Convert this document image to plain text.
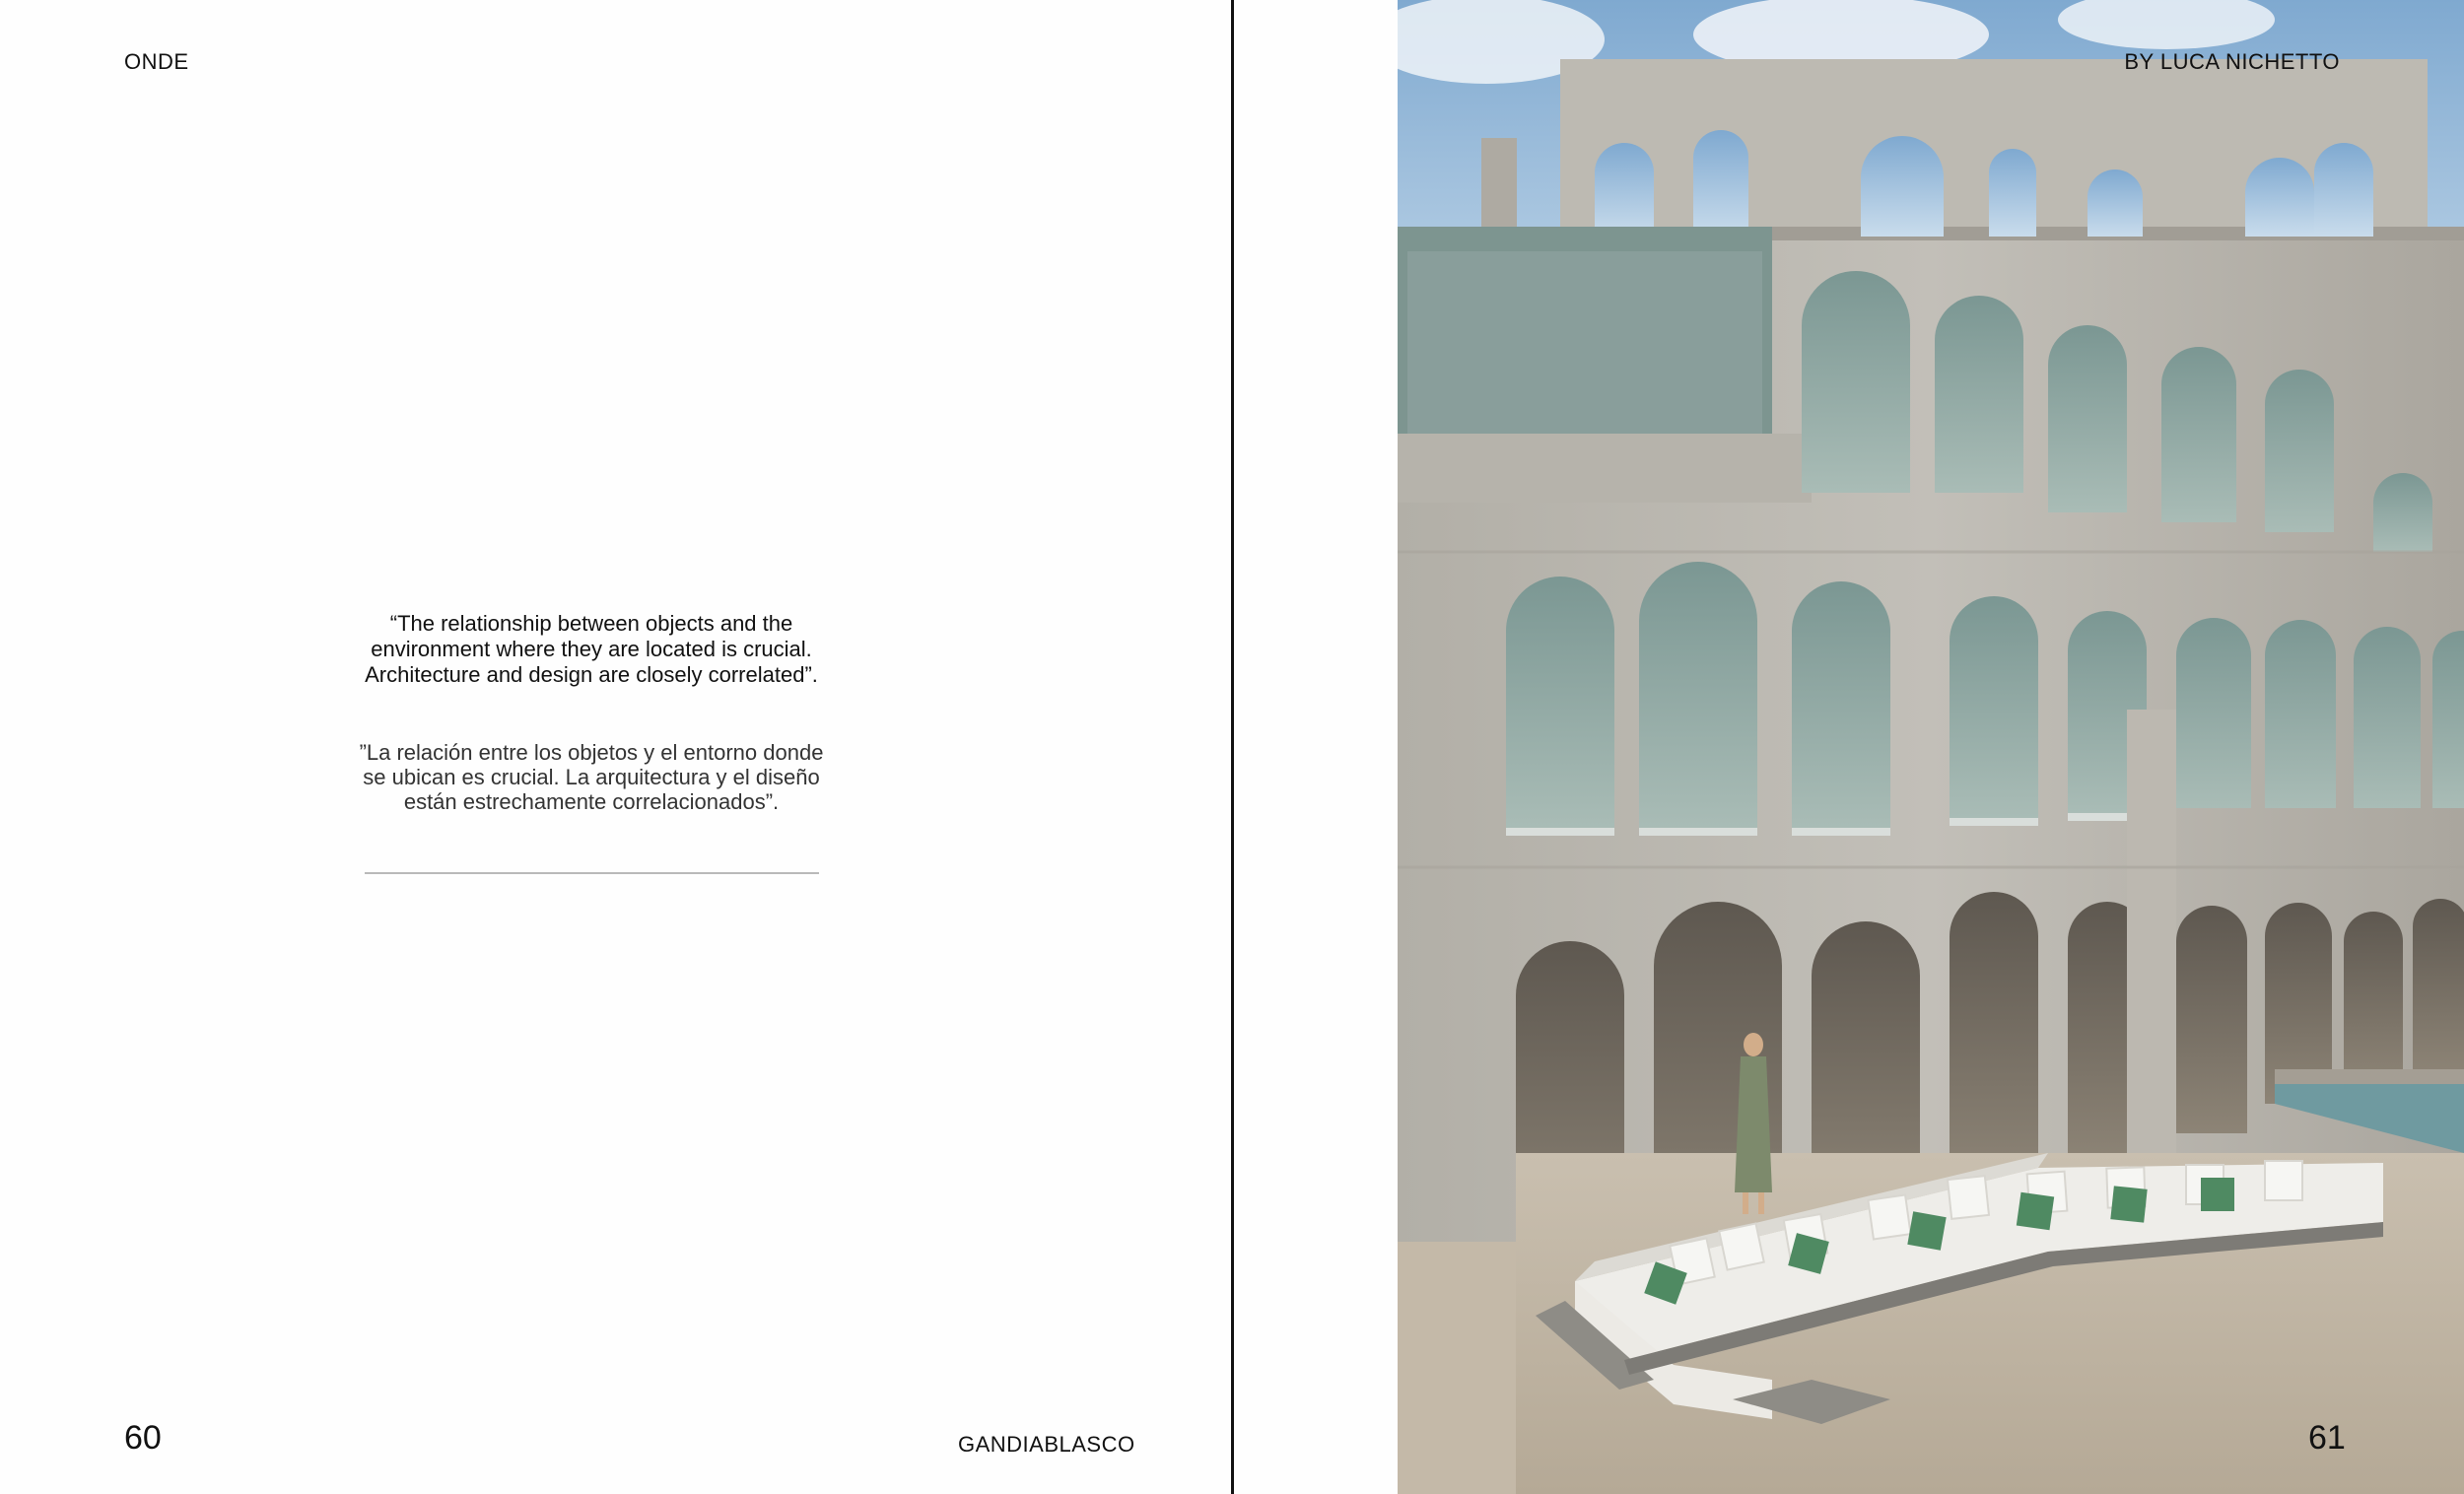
ONDE

“The relationship between objects and the environment where they are located is crucial. Architecture and design are closely correlated”.

”La relación entre los objetos y el entorno donde se ubican es crucial. La arquitectura y el diseño están estrechamente correlacionados”.

60	GANDIABLASCO
BY LUCA NICHETTO
61
